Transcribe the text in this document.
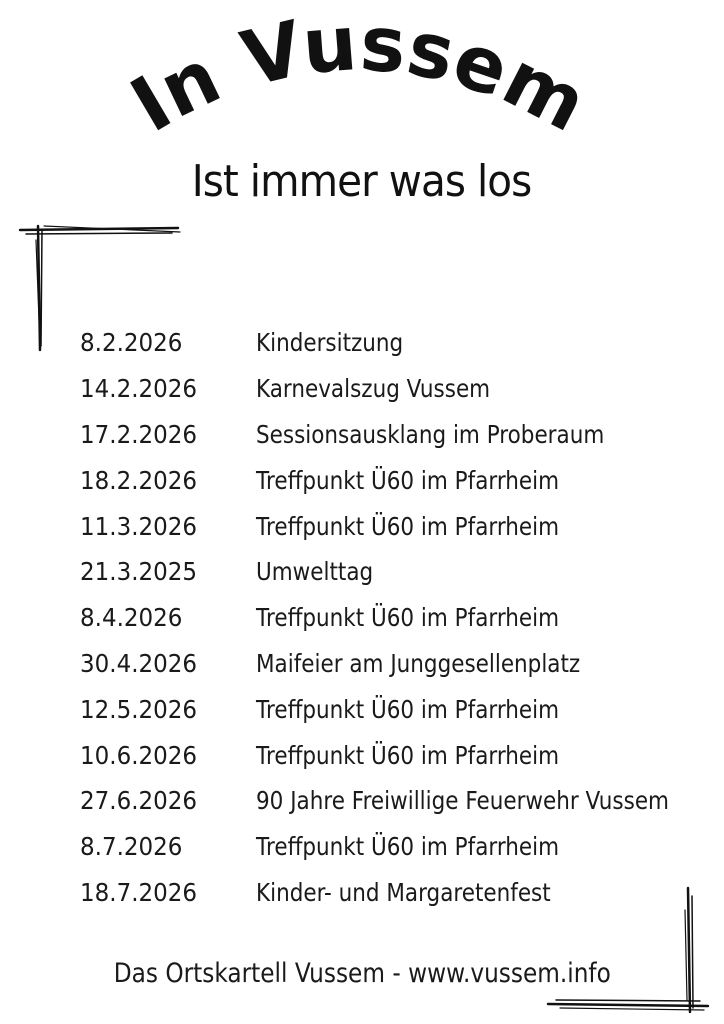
In Vussem
Ist immer was los
8.2.2026	Kindersitzung
14.2.2026	Karnevalszug Vussem
17.2.2026	Sessionsausklang im Proberaum
18.2.2026	Treffpunkt Ü60 im Pfarrheim
11.3.2026	Treffpunkt Ü60 im Pfarrheim
21.3.2025	Umwelttag
8.4.2026	Treffpunkt Ü60 im Pfarrheim
30.4.2026	Maifeier am Junggesellenplatz
12.5.2026	Treffpunkt Ü60 im Pfarrheim
10.6.2026	Treffpunkt Ü60 im Pfarrheim
27.6.2026	90 Jahre Freiwillige Feuerwehr Vussem
8.7.2026	Treffpunkt Ü60 im Pfarrheim
18.7.2026	Kinder- und Margaretenfest
Das Ortskartell Vussem - www.vussem.info
